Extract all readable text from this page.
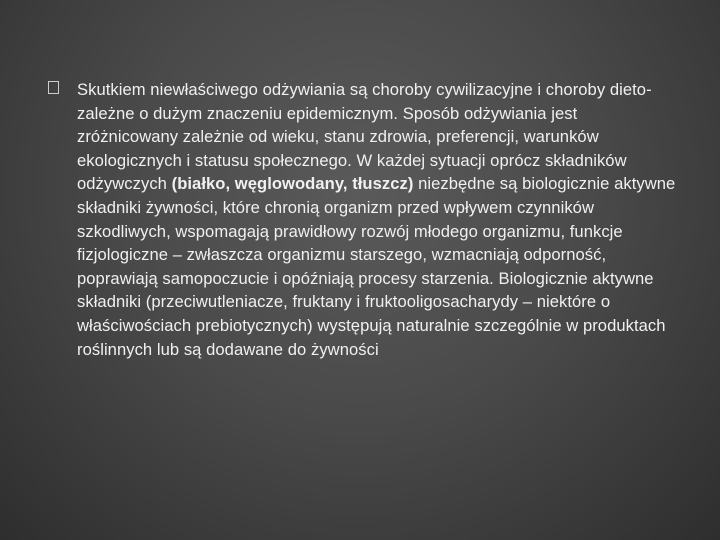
Skutkiem niewłaściwego odżywiania są choroby cywilizacyjne i choroby dieto-zależne o dużym znaczeniu epidemicznym. Sposób odżywiania jest zróżnicowany zależnie od wieku, stanu zdrowia, preferencji, warunków ekologicznych i statusu społecznego. W każdej sytuacji oprócz składników odżywczych (białko, węglowodany, tłuszcz) niezbędne są biologicznie aktywne składniki żywności, które chronią organizm przed wpływem czynników szkodliwych, wspomagają prawidłowy rozwój młodego organizmu, funkcje fizjologiczne – zwłaszcza organizmu starszego, wzmacniają odporność, poprawiają samopoczucie i opóźniają procesy starzenia. Biologicznie aktywne składniki (przeciwutleniacze, fruktany i fruktooligosacharydy – niektóre o właściwościach prebiotycznych) występują naturalnie szczególnie w produktach roślinnych lub są dodawane do żywności
